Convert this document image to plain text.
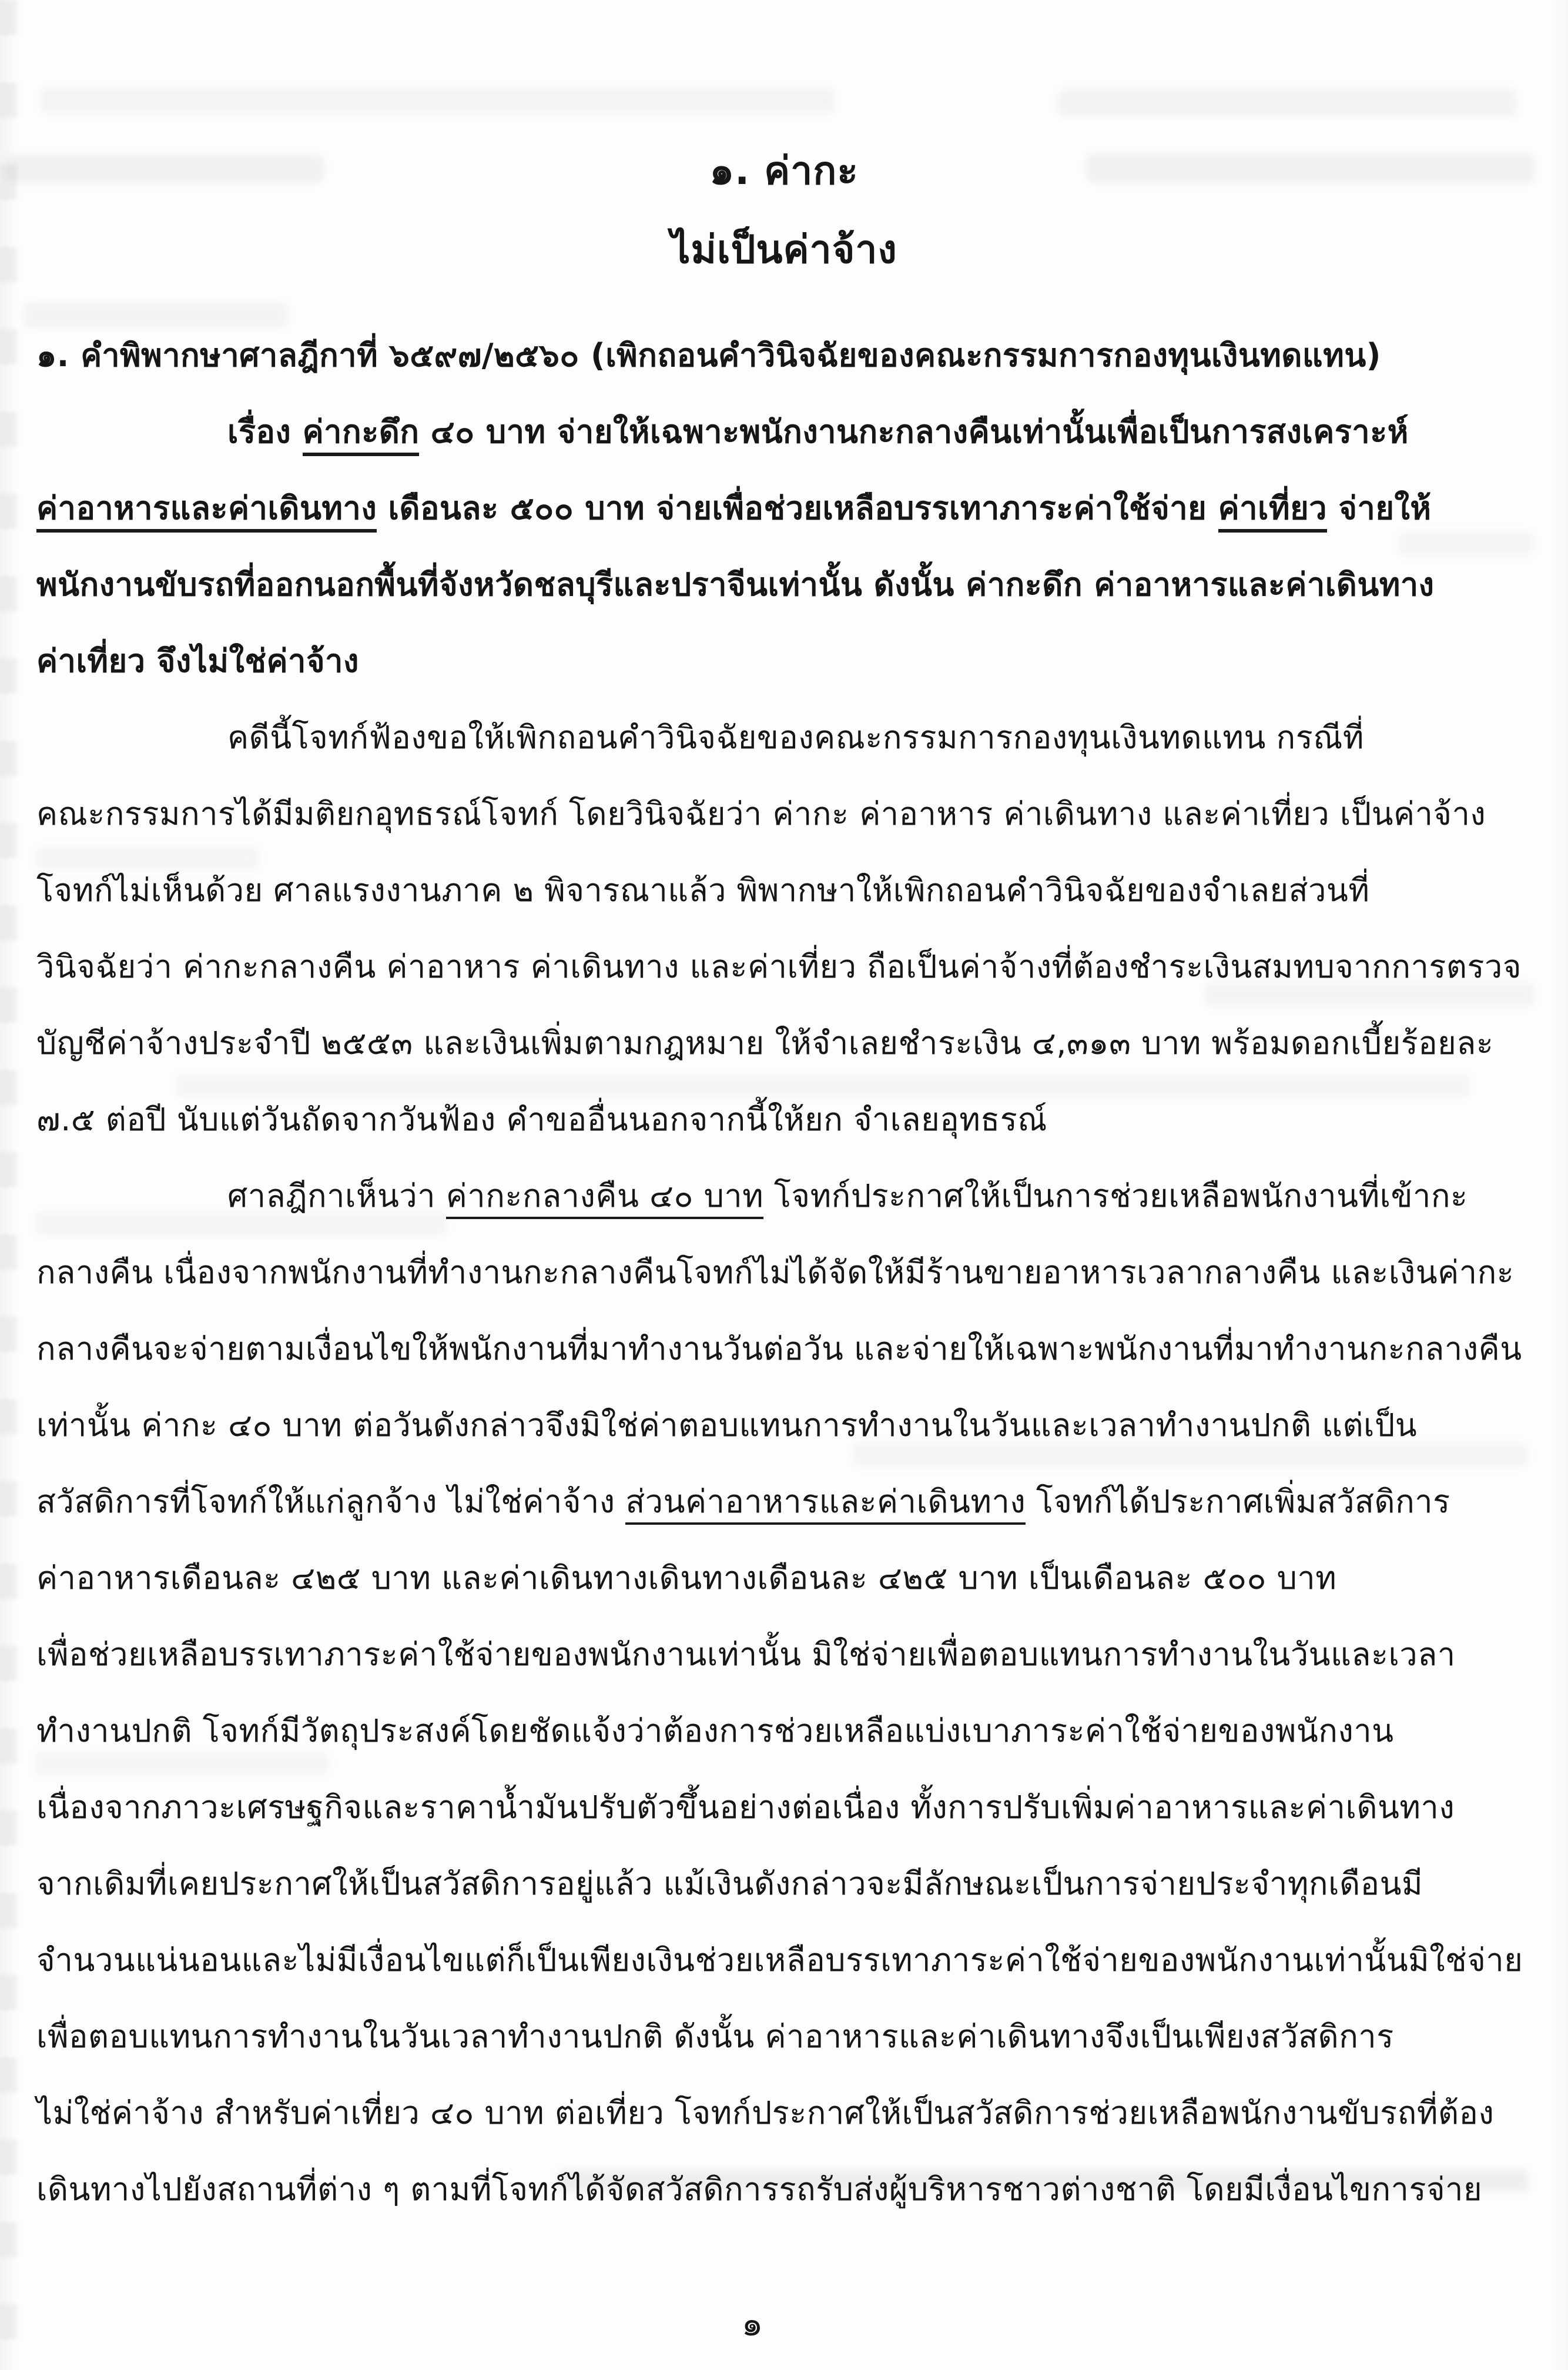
๑. ค่ากะ
ไม่เป็นค่าจ้าง
๑. คำพิพากษาศาลฎีกาที่ ๖๕๙๗/๒๕๖๐ (เพิกถอนคำวินิจฉัยของคณะกรรมการกองทุนเงินทดแทน)
เรื่อง ค่ากะดึก ๔๐ บาท จ่ายให้เฉพาะพนักงานกะกลางคืนเท่านั้นเพื่อเป็นการสงเคราะห์
ค่าอาหารและค่าเดินทาง เดือนละ ๕๐๐ บาท จ่ายเพื่อช่วยเหลือบรรเทาภาระค่าใช้จ่าย ค่าเที่ยว จ่ายให้
พนักงานขับรถที่ออกนอกพื้นที่จังหวัดชลบุรีและปราจีนเท่านั้น ดังนั้น ค่ากะดึก ค่าอาหารและค่าเดินทาง
ค่าเที่ยว จึงไม่ใช่ค่าจ้าง
คดีนี้โจทก์ฟ้องขอให้เพิกถอนคำวินิจฉัยของคณะกรรมการกองทุนเงินทดแทน กรณีที่
คณะกรรมการได้มีมติยกอุทธรณ์โจทก์ โดยวินิจฉัยว่า ค่ากะ ค่าอาหาร ค่าเดินทาง และค่าเที่ยว เป็นค่าจ้าง
โจทก์ไม่เห็นด้วย ศาลแรงงานภาค ๒ พิจารณาแล้ว พิพากษาให้เพิกถอนคำวินิจฉัยของจำเลยส่วนที่
วินิจฉัยว่า ค่ากะกลางคืน ค่าอาหาร ค่าเดินทาง และค่าเที่ยว ถือเป็นค่าจ้างที่ต้องชำระเงินสมทบจากการตรวจ
บัญชีค่าจ้างประจำปี ๒๕๕๓ และเงินเพิ่มตามกฎหมาย ให้จำเลยชำระเงิน ๔,๓๑๓ บาท พร้อมดอกเบี้ยร้อยละ
๗.๕ ต่อปี นับแต่วันถัดจากวันฟ้อง คำขออื่นนอกจากนี้ให้ยก จำเลยอุทธรณ์
ศาลฎีกาเห็นว่า ค่ากะกลางคืน ๔๐ บาท โจทก์ประกาศให้เป็นการช่วยเหลือพนักงานที่เข้ากะ
กลางคืน เนื่องจากพนักงานที่ทำงานกะกลางคืนโจทก์ไม่ได้จัดให้มีร้านขายอาหารเวลากลางคืน และเงินค่ากะ
กลางคืนจะจ่ายตามเงื่อนไขให้พนักงานที่มาทำงานวันต่อวัน และจ่ายให้เฉพาะพนักงานที่มาทำงานกะกลางคืน
เท่านั้น ค่ากะ ๔๐ บาท ต่อวันดังกล่าวจึงมิใช่ค่าตอบแทนการทำงานในวันและเวลาทำงานปกติ แต่เป็น
สวัสดิการที่โจทก์ให้แก่ลูกจ้าง ไม่ใช่ค่าจ้าง ส่วนค่าอาหารและค่าเดินทาง โจทก์ได้ประกาศเพิ่มสวัสดิการ
ค่าอาหารเดือนละ ๔๒๕ บาท และค่าเดินทางเดินทางเดือนละ ๔๒๕ บาท เป็นเดือนละ ๕๐๐ บาท
เพื่อช่วยเหลือบรรเทาภาระค่าใช้จ่ายของพนักงานเท่านั้น มิใช่จ่ายเพื่อตอบแทนการทำงานในวันและเวลา
ทำงานปกติ โจทก์มีวัตถุประสงค์โดยชัดแจ้งว่าต้องการช่วยเหลือแบ่งเบาภาระค่าใช้จ่ายของพนักงาน
เนื่องจากภาวะเศรษฐกิจและราคาน้ำมันปรับตัวขึ้นอย่างต่อเนื่อง ทั้งการปรับเพิ่มค่าอาหารและค่าเดินทาง
จากเดิมที่เคยประกาศให้เป็นสวัสดิการอยู่แล้ว แม้เงินดังกล่าวจะมีลักษณะเป็นการจ่ายประจำทุกเดือนมี
จำนวนแน่นอนและไม่มีเงื่อนไขแต่ก็เป็นเพียงเงินช่วยเหลือบรรเทาภาระค่าใช้จ่ายของพนักงานเท่านั้นมิใช่จ่าย
เพื่อตอบแทนการทำงานในวันเวลาทำงานปกติ ดังนั้น ค่าอาหารและค่าเดินทางจึงเป็นเพียงสวัสดิการ
ไม่ใช่ค่าจ้าง สำหรับค่าเที่ยว ๔๐ บาท ต่อเที่ยว โจทก์ประกาศให้เป็นสวัสดิการช่วยเหลือพนักงานขับรถที่ต้อง
เดินทางไปยังสถานที่ต่าง ๆ ตามที่โจทก์ได้จัดสวัสดิการรถรับส่งผู้บริหารชาวต่างชาติ โดยมีเงื่อนไขการจ่าย
๑
